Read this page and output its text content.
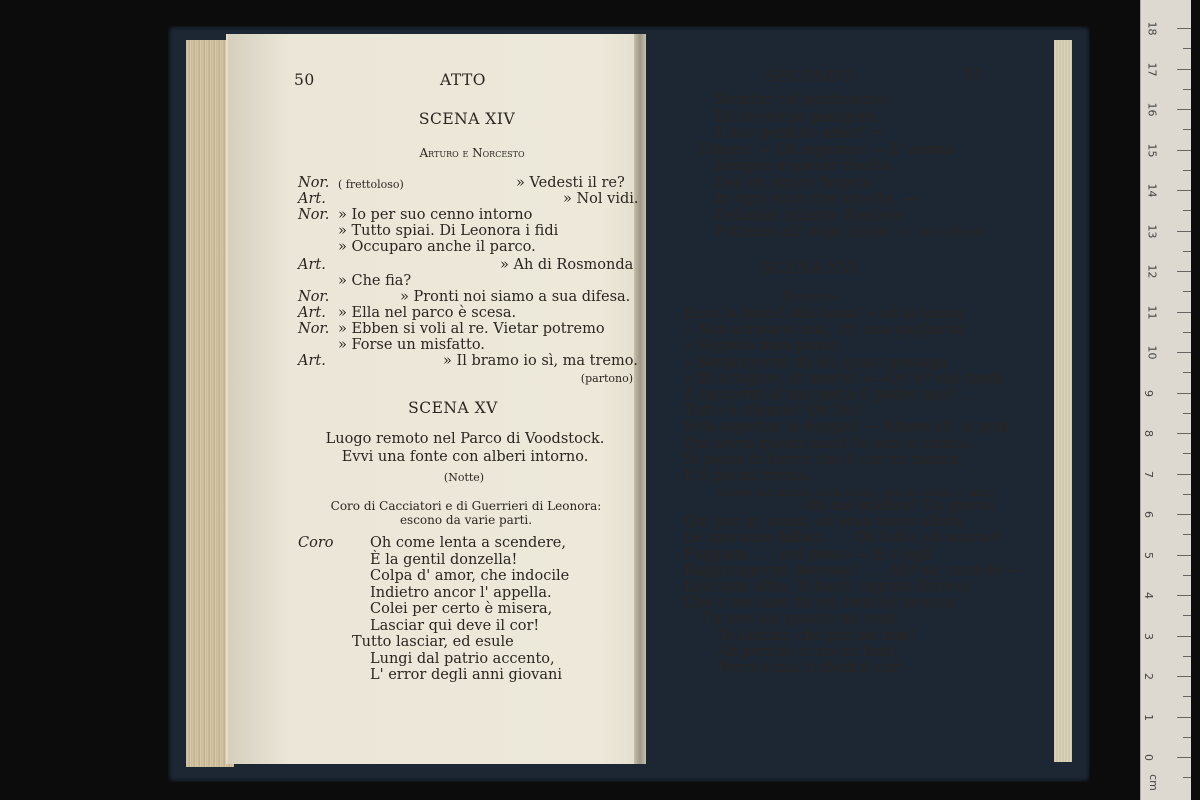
50	ATTO
SCENA XIV
Arturo e Norcesto
Nor. ( frettoloso)	» Vedesti il re?
Art.	» Nol vidi.
Nor. » Io per suo cenno intorno
» Tutto spiai. Di Leonora i fidi
» Occuparo anche il parco.
Art.	» Ah di Rosmonda
» Che fia?
Nor.	» Pronti noi siamo a sua difesa.
Art. » Ella nel parco è scesa.
Nor. » Ebben si voli al re. Vietar potremo
» Forse un misfatto.
Art.	» Il bramo io sì, ma tremo.
(partono)
SCENA XV
Luogo remoto nel Parco di Voodstock.
Evvi una fonte con alberi intorno.
(Notte)
Coro di Cacciatori e di Guerrieri di Leonora:
escono da varie parti.
Coro	Oh come lenta a scendere,
È la gentil donzella!
Colpa d' amor, che indocile
Indietro ancor l' appella.
Colei per certo è misera,
Lasciar qui deve il cor!
Tutto lasciar, ed esule
Lungi dal patrio accento,
L' error degli anni giovani
SECONDO	51
Scontar col pentimento;
Ed in eterno piangere,
Il suo perduto amor! —
Udiam! — Oh inganno! — L' anima
Sempre a sperar rivolta,
Osa un amico fingere
In ogni suon che ascolta. —
Celiamci intanto. Riedere
Potremo all' uopo ancor. (si nascondono)
SCENA XVI
Rosmonda
Ecco la fonte! Ahi lassa! » ed io temea
» Non arrivarvi mai, ch' una gagliarda
» Segreta man parea
» Sospingermi da lei, quasi presaga
» Di sciagure, di morte! »—Ov' è? chè tarda
A raccormi al suo petto il padre mio? . . .
Tutto è silenzio! Oh Dio!
Sola aspettar io deggio! — Almen ch' io posi
Qui sovra questi sassi! Io son sì stanca,
Sì piena di terror che il cor mi manca,
E il piè mi trema.
(siede sui marmi della fonte , poi di subito s' alza )
Oh me infelice! Un giorno
Qui pur m' assisi, ed eran meco allora
Le speranze fallaci . . . Oh lutto, oh scorno!
Fuggiam . . . nol posso — E s' egli
Raggiungermi dovesse! . . . Ah! va, crudele —
Lasciami alfin. Ti basti, ingrato Enrico!
Che a me caro tu sei, benchè nemico.
Tu non sai quanto mi costi
Te lasciar, che pur sei mio!
Ah perchè sì rio mi fosti,
Perchè mai ti diedi il cor! -
18
17
16
15
14
13
12
11
10
9
8
7
6
5
4
3
2
1
0
cm
